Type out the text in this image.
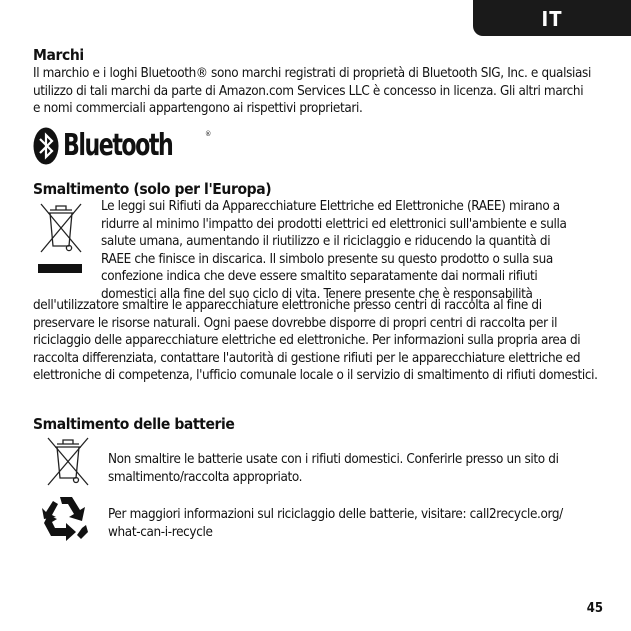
IT
Marchi

Il marchio e i loghi Bluetooth® sono marchi registrati di proprietà di Bluetooth SIG, Inc. e qualsiasi utilizzo di tali marchi da parte di Amazon.com Services LLC è concesso in licenza. Gli altri marchi e nomi commerciali appartengono ai rispettivi proprietari.

Bluetooth	®
Smaltimento (solo per l'Europa)

Le leggi sui Rifiuti da Apparecchiature Elettriche ed Elettroniche (RAEE) mirano a

ridurre al minimo l'impatto dei prodotti elettrici ed elettronici sull'ambiente e sulla

salute umana, aumentando il riutilizzo e il riciclaggio e riducendo la quantità di

RAEE che finisce in discarica. Il simbolo presente su questo prodotto o sulla sua

confezione indica che deve essere smaltito separatamente dai normali rifiuti

domestici alla fine del suo ciclo di vita. Tenere presente che è responsabilità

dell'utilizzatore smaltire le apparecchiature elettroniche presso centri di raccolta al fine di preservare le risorse naturali. Ogni paese dovrebbe disporre di propri centri di raccolta per il riciclaggio delle apparecchiature elettriche ed elettroniche. Per informazioni sulla propria area di raccolta differenziata, contattare l'autorità di gestione rifiuti per le apparecchiature elettriche ed elettroniche di competenza, l'ufficio comunale locale o il servizio di smaltimento di rifiuti domestici.

Smaltimento delle batterie

Non smaltire le batterie usate con i rifiuti domestici. Conferirle presso un sito di smaltimento/raccolta appropriato.

Per maggiori informazioni sul riciclaggio delle batterie, visitare: call2recycle.org/ what-can-i-recycle

45
